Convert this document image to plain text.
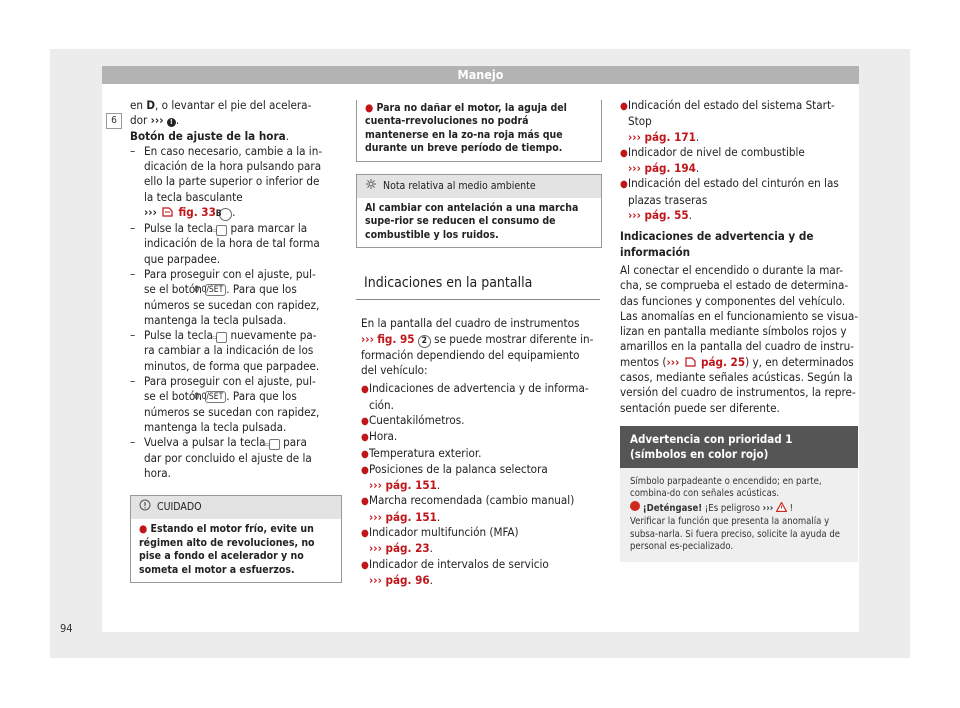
Manejo
6

en D, o levantar el pie del acelera-
dor ››› ! .

Botón de ajuste de la hora.

– En caso necesario, cambie a la in-
dicación de la hora pulsando para
ello la parte superior o inferior de
la tecla basculante
››› fig. 33 B .

– Pulse la tecla ▭ para marcar la
indicación de la hora de tal forma
que parpadee.

– Para proseguir con el ajuste, pul-
se el botón 0.0/SET . Para que los
números se sucedan con rapidez,
mantenga la tecla pulsada.

– Pulse la tecla ▭ nuevamente pa-
ra cambiar a la indicación de los
minutos, de forma que parpadee.

– Para proseguir con el ajuste, pul-
se el botón 0.0/SET . Para que los
números se sucedan con rapidez,
mantenga la tecla pulsada.

– Vuelva a pulsar la tecla ▭ para
dar por concluido el ajuste de la
hora.

CUIDADO
● Estando el motor frío, evite un régimen alto de revoluciones, no pise a fondo el acelerador y no someta el motor a esfuerzos.
● Para no dañar el motor, la aguja del cuenta-rrevoluciones no podrá mantenerse en la zo-na roja más que durante un breve período de tiempo.
Nota relativa al medio ambiente
Al cambiar con antelación a una marcha supe-rior se reducen el consumo de combustible y los ruidos.

Indicaciones en la pantalla

En la pantalla del cuadro de instrumentos
››› fig. 95 2 se puede mostrar diferente in-
formación dependiendo del equipamiento
del vehículo:

●Indicaciones de advertencia y de informa-ción.

●Cuentakilómetros.

●Hora.

●Temperatura exterior.

●Posiciones de la palanca selectora
››› pág. 151.

●Marcha recomendada (cambio manual)
››› pág. 151.

●Indicador multifunción (MFA)
››› pág. 23.

●Indicador de intervalos de servicio
››› pág. 96.

●Indicación del estado del sistema Start-Stop
››› pág. 171.

●Indicador de nivel de combustible
››› pág. 194.

●Indicación del estado del cinturón en las plazas traseras
››› pág. 55.

Indicaciones de advertencia y de información

Al conectar el encendido o durante la mar-cha, se comprueba el estado de determina-das funciones y componentes del vehículo. Las anomalías en el funcionamiento se visua-lizan en pantalla mediante símbolos rojos y amarillos en la pantalla del cuadro de instru-mentos (››› pág. 25) y, en determinados casos, mediante señales acústicas. Según la versión del cuadro de instrumentos, la repre-sentación puede ser diferente.

Advertencia con prioridad 1 (símbolos en color rojo)
Símbolo parpadeante o encendido; en parte, combina-do con señales acústicas.
¡Deténgase! ¡Es peligroso ››› !
Verificar la función que presenta la anomalía y subsa-narla. Si fuera preciso, solicite la ayuda de personal es-pecializado.
94
